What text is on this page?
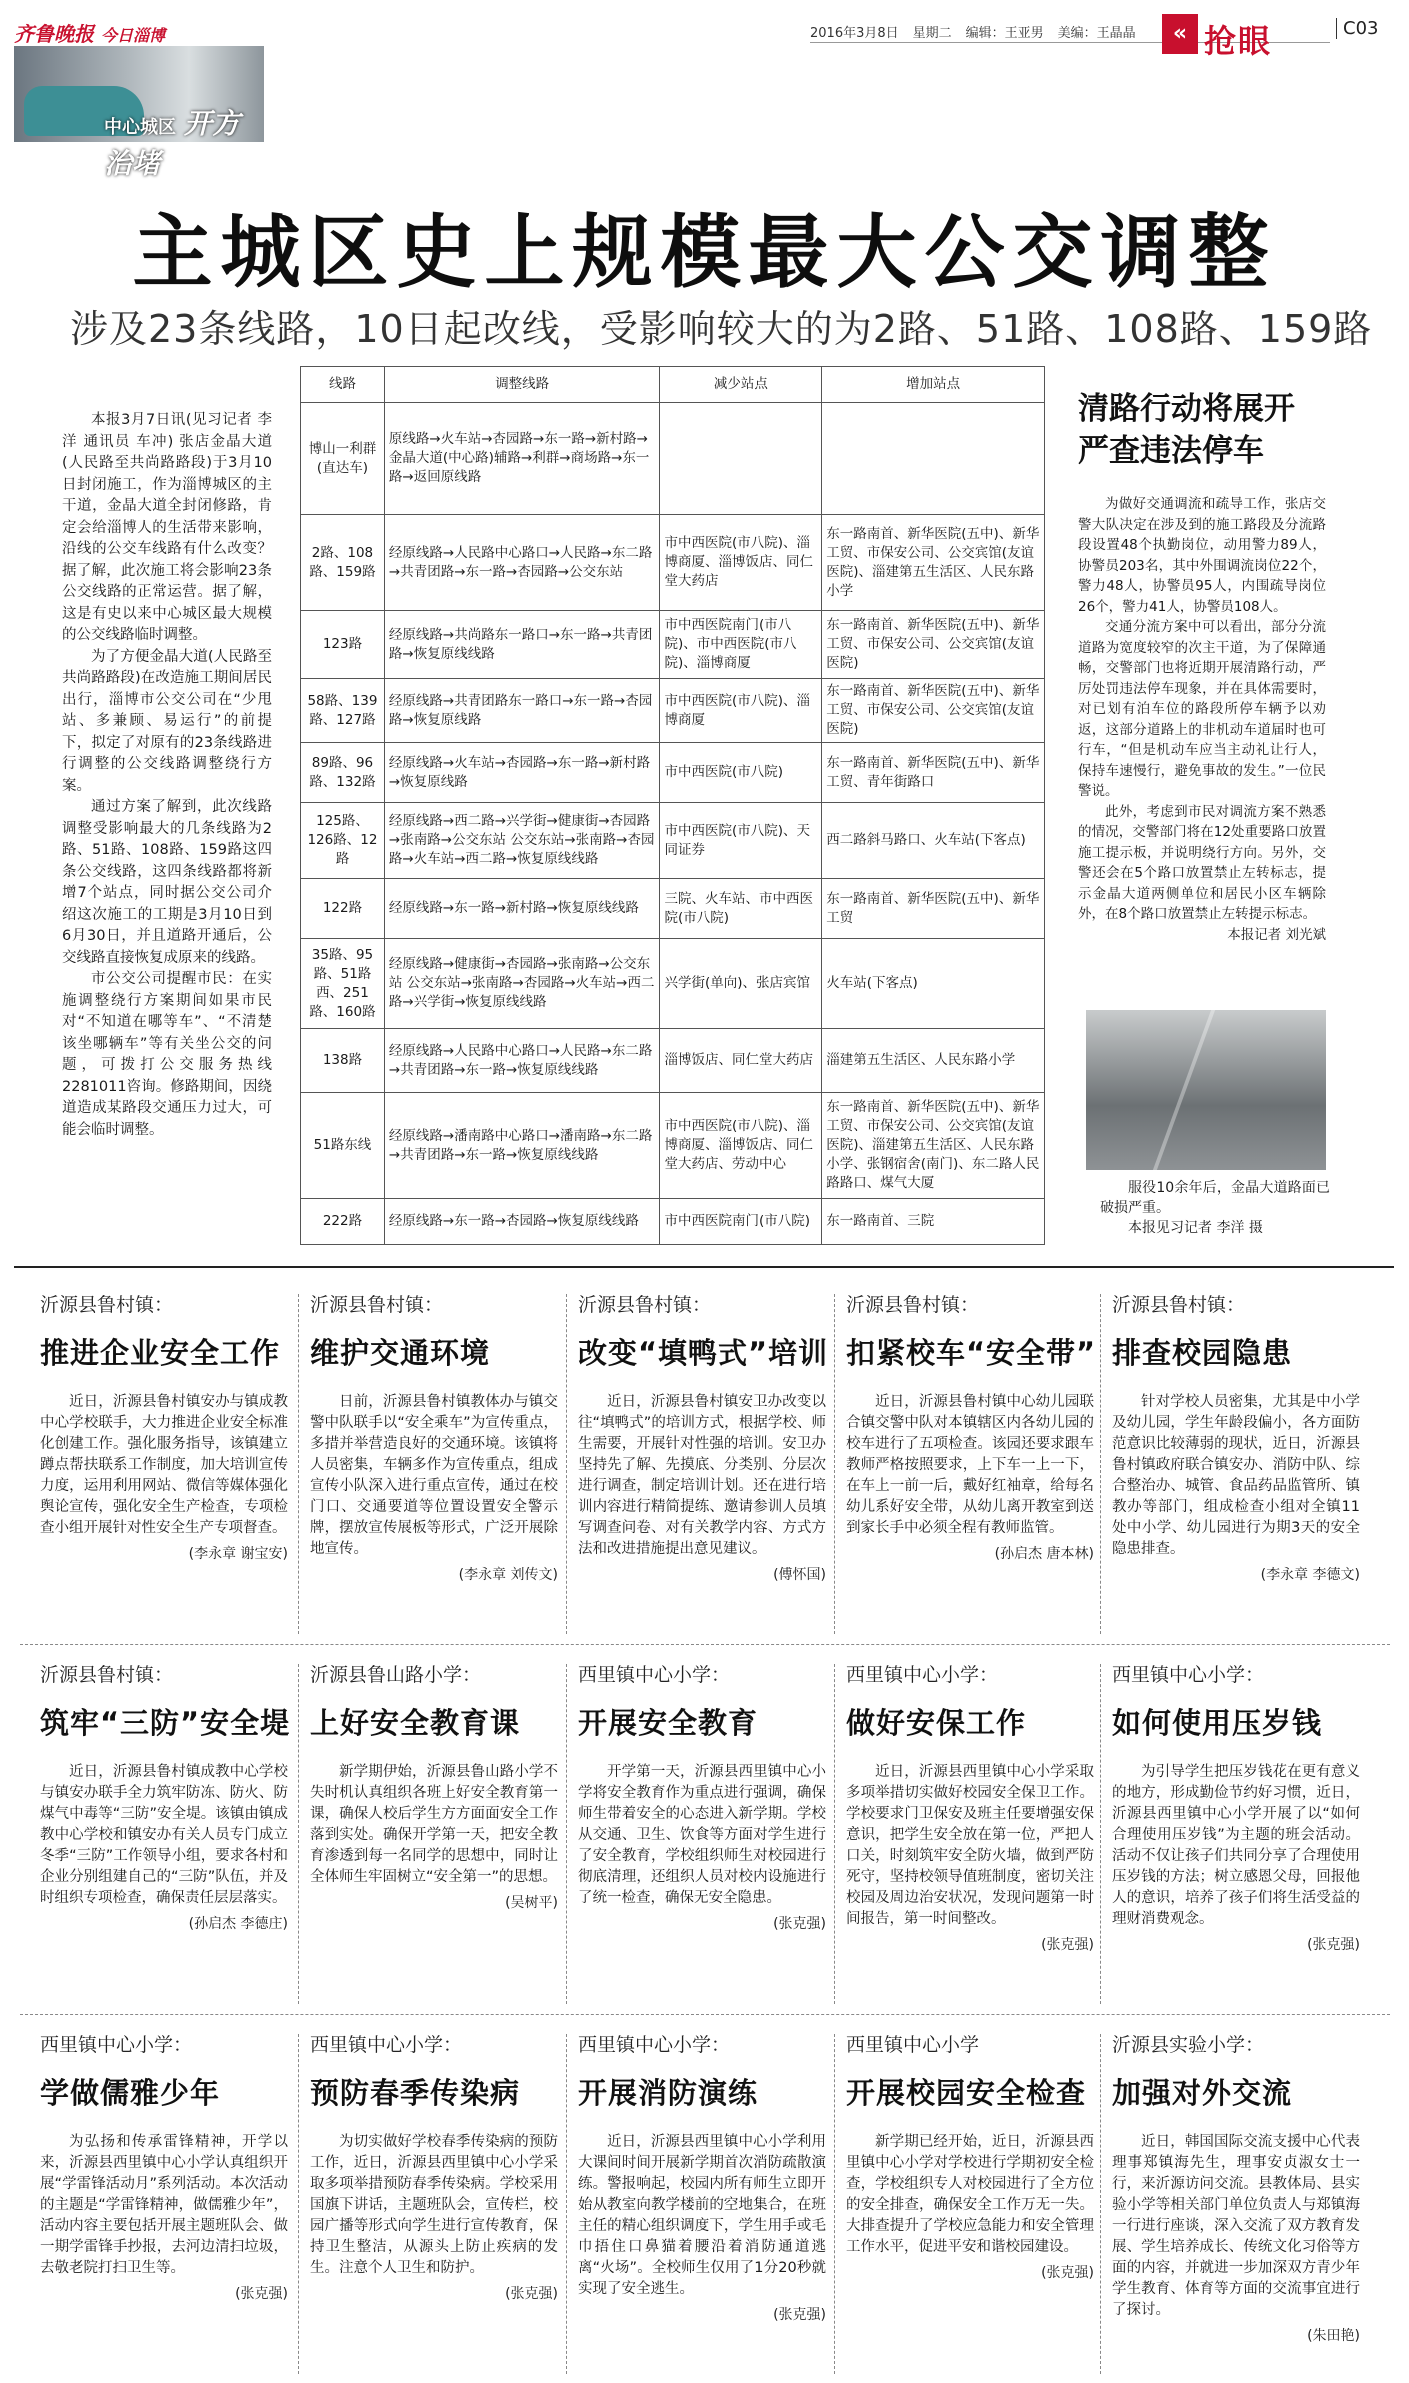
齐鲁晚报 今日淄博
中心城区 开方治堵
2016年3月8日 星期二 编辑：王亚男 美编：王晶晶	« 抢眼	C03
主城区史上规模最大公交调整
涉及23条线路，10日起改线，受影响较大的为2路、51路、108路、159路

本报3月7日讯(见习记者 李洋 通讯员 车冲) 张店金晶大道(人民路至共尚路路段)于3月10日封闭施工，作为淄博城区的主干道，金晶大道全封闭修路，肯定会给淄博人的生活带来影响，沿线的公交车线路有什么改变？据了解，此次施工将会影响23条公交线路的正常运营。据了解，这是有史以来中心城区最大规模的公交线路临时调整。

为了方便金晶大道(人民路至共尚路路段)在改造施工期间居民出行，淄博市公交公司在“少甩站、多兼顾、易运行”的前提下，拟定了对原有的23条线路进行调整的公交线路调整绕行方案。

通过方案了解到，此次线路调整受影响最大的几条线路为2路、51路、108路、159路这四条公交线路，这四条线路都将新增7个站点，同时据公交公司介绍这次施工的工期是3月10日到6月30日，并且道路开通后，公交线路直接恢复成原来的线路。

市公交公司提醒市民：在实施调整绕行方案期间如果市民对“不知道在哪等车”、“不清楚该坐哪辆车”等有关坐公交的问题，可拨打公交服务热线2281011咨询。修路期间，因绕道造成某路段交通压力过大，可能会临时调整。

线路	调整线路	减少站点	增加站点
博山一利群(直达车)	原线路→火车站→杏园路→东一路→新村路→金晶大道(中心路)辅路→利群→商场路→东一路→返回原线路		
2路、108路、159路	经原线路→人民路中心路口→人民路→东二路→共青团路→东一路→杏园路→公交东站	市中西医院(市八院)、淄博商厦、淄博饭店、同仁堂大药店	东一路南首、新华医院(五中)、新华工贸、市保安公司、公交宾馆(友谊医院)、淄建第五生活区、人民东路小学
123路	经原线路→共尚路东一路口→东一路→共青团路→恢复原线线路	市中西医院南门(市八院)、市中西医院(市八院)、淄博商厦	东一路南首、新华医院(五中)、新华工贸、市保安公司、公交宾馆(友谊医院)
58路、139路、127路	经原线路→共青团路东一路口→东一路→杏园路→恢复原线路	市中西医院(市八院)、淄博商厦	东一路南首、新华医院(五中)、新华工贸、市保安公司、公交宾馆(友谊医院)
89路、96路、132路	经原线路→火车站→杏园路→东一路→新村路→恢复原线路	市中西医院(市八院)	东一路南首、新华医院(五中)、新华工贸、青年街路口
125路、126路、12路	经原线路→西二路→兴学街→健康街→杏园路→张南路→公交东站 公交东站→张南路→杏园路→火车站→西二路→恢复原线线路	市中西医院(市八院)、天同证券	西二路斜马路口、火车站(下客点)
122路	经原线路→东一路→新村路→恢复原线线路	三院、火车站、市中西医院(市八院)	东一路南首、新华医院(五中)、新华工贸
35路、95路、51路西、251路、160路	经原线路→健康街→杏园路→张南路→公交东站 公交东站→张南路→杏园路→火车站→西二路→兴学街→恢复原线线路	兴学街(单向)、张店宾馆	火车站(下客点)
138路	经原线路→人民路中心路口→人民路→东二路→共青团路→东一路→恢复原线线路	淄博饭店、同仁堂大药店	淄建第五生活区、人民东路小学
51路东线	经原线路→潘南路中心路口→潘南路→东二路→共青团路→东一路→恢复原线线路	市中西医院(市八院)、淄博商厦、淄博饭店、同仁堂大药店、劳动中心	东一路南首、新华医院(五中)、新华工贸、市保安公司、公交宾馆(友谊医院)、淄建第五生活区、人民东路小学、张钢宿舍(南门)、东二路人民路路口、煤气大厦
222路	经原线路→东一路→杏园路→恢复原线线路	市中西医院南门(市八院)	东一路南首、三院
清路行动将展开
严查违法停车

为做好交通调流和疏导工作，张店交警大队决定在涉及到的施工路段及分流路段设置48个执勤岗位，动用警力89人，协警员203名，其中外围调流岗位22个，警力48人，协警员95人，内围疏导岗位26个，警力41人，协警员108人。

交通分流方案中可以看出，部分分流道路为宽度较窄的次主干道，为了保障通畅，交警部门也将近期开展清路行动，严厉处罚违法停车现象，并在具体需要时，对已划有泊车位的路段所停车辆予以劝返，这部分道路上的非机动车道届时也可行车，“但是机动车应当主动礼让行人，保持车速慢行，避免事故的发生。”一位民警说。

此外，考虑到市民对调流方案不熟悉的情况，交警部门将在12处重要路口放置施工提示板，并说明绕行方向。另外，交警还会在5个路口放置禁止左转标志，提示金晶大道两侧单位和居民小区车辆除外，在8个路口放置禁止左转提示标志。

本报记者 刘光斌

服役10余年后，金晶大道路面已破损严重。
本报见习记者 李洋 摄
沂源县鲁村镇：
推进企业安全工作
近日，沂源县鲁村镇安办与镇成教中心学校联手，大力推进企业安全标准化创建工作。强化服务指导，该镇建立蹲点帮扶联系工作制度，加大培训宣传力度，运用利用网站、微信等媒体强化舆论宣传，强化安全生产检查，专项检查小组开展针对性安全生产专项督查。
(李永章 谢宝安)
沂源县鲁村镇：
维护交通环境
日前，沂源县鲁村镇教体办与镇交警中队联手以“安全乘车”为宣传重点，多措并举营造良好的交通环境。该镇将人员密集，车辆多作为宣传重点，组成宣传小队深入进行重点宣传，通过在校门口、交通要道等位置设置安全警示牌，摆放宣传展板等形式，广泛开展除地宣传。
(李永章 刘传文)
沂源县鲁村镇：
改变“填鸭式”培训
近日，沂源县鲁村镇安卫办改变以往“填鸭式”的培训方式，根据学校、师生需要，开展针对性强的培训。安卫办坚持先了解、先摸底、分类别、分层次进行调查，制定培训计划。还在进行培训内容进行精简提练、邀请参训人员填写调查问卷、对有关教学内容、方式方法和改进措施提出意见建议。
(傅怀国)
沂源县鲁村镇：
扣紧校车“安全带”
近日，沂源县鲁村镇中心幼儿园联合镇交警中队对本镇辖区内各幼儿园的校车进行了五项检查。该园还要求跟车教师严格按照要求，上下车一上一下，在车上一前一后，戴好红袖章，给每名幼儿系好安全带，从幼儿离开教室到送到家长手中必须全程有教师监管。
(孙启杰 唐本林)
沂源县鲁村镇：
排查校园隐患
针对学校人员密集，尤其是中小学及幼儿园，学生年龄段偏小，各方面防范意识比较薄弱的现状，近日，沂源县鲁村镇政府联合镇安办、消防中队、综合整治办、城管、食品药品监管所、镇教办等部门，组成检查小组对全镇11处中小学、幼儿园进行为期3天的安全隐患排查。
(李永章 李德文)
沂源县鲁村镇：
筑牢“三防”安全堤
近日，沂源县鲁村镇成教中心学校与镇安办联手全力筑牢防冻、防火、防煤气中毒等“三防”安全堤。该镇由镇成教中心学校和镇安办有关人员专门成立冬季“三防”工作领导小组，要求各村和企业分别组建自己的“三防”队伍，并及时组织专项检查，确保责任层层落实。
(孙启杰 李德庄)
沂源县鲁山路小学：
上好安全教育课
新学期伊始，沂源县鲁山路小学不失时机认真组织各班上好安全教育第一课，确保人校后学生方方面面安全工作落到实处。确保开学第一天，把安全教育渗透到每一名同学的思想中，同时让全体师生牢固树立“安全第一”的思想。
(吴树平)
西里镇中心小学：
开展安全教育
开学第一天，沂源县西里镇中心小学将安全教育作为重点进行强调，确保师生带着安全的心态进入新学期。学校从交通、卫生、饮食等方面对学生进行了安全教育，学校组织师生对校园进行彻底清理，还组织人员对校内设施进行了统一检查，确保无安全隐患。
(张克强)
西里镇中心小学：
做好安保工作
近日，沂源县西里镇中心小学采取多项举措切实做好校园安全保卫工作。学校要求门卫保安及班主任要增强安保意识，把学生安全放在第一位，严把人口关，时刻筑牢安全防火墙，做到严防死守，坚持校领导值班制度，密切关注校园及周边治安状况，发现问题第一时间报告，第一时间整改。
(张克强)
西里镇中心小学：
如何使用压岁钱
为引导学生把压岁钱花在更有意义的地方，形成勤俭节约好习惯，近日，沂源县西里镇中心小学开展了以“如何合理使用压岁钱”为主题的班会活动。活动不仅让孩子们共同分享了合理使用压岁钱的方法；树立感恩父母，回报他人的意识，培养了孩子们将生活受益的理财消费观念。
(张克强)
西里镇中心小学：
学做儒雅少年
为弘扬和传承雷锋精神，开学以来，沂源县西里镇中心小学认真组织开展“学雷锋活动月”系列活动。本次活动的主题是“学雷锋精神，做儒雅少年”，活动内容主要包括开展主题班队会、做一期学雷锋手抄报，去河边清扫垃圾，去敬老院打扫卫生等。
(张克强)
西里镇中心小学：
预防春季传染病
为切实做好学校春季传染病的预防工作，近日，沂源县西里镇中心小学采取多项举措预防春季传染病。学校采用国旗下讲话，主题班队会，宣传栏，校园广播等形式向学生进行宣传教育，保持卫生整洁，从源头上防止疾病的发生。注意个人卫生和防护。
(张克强)
西里镇中心小学：
开展消防演练
近日，沂源县西里镇中心小学利用大课间时间开展新学期首次消防疏散演练。警报响起，校园内所有师生立即开始从教室向教学楼前的空地集合，在班主任的精心组织调度下，学生用手或毛巾捂住口鼻猫着腰沿着消防通道逃离“火场”。全校师生仅用了1分20秒就实现了安全逃生。
(张克强)
西里镇中心小学
开展校园安全检查
新学期已经开始，近日，沂源县西里镇中心小学对学校进行学期初安全检查，学校组织专人对校园进行了全方位的安全排查，确保安全工作万无一失。大排查提升了学校应急能力和安全管理工作水平，促进平安和谐校园建设。
(张克强)
沂源县实验小学：
加强对外交流
近日，韩国国际交流支援中心代表理事郑镇海先生，理事安贞淑女士一行，来沂源访问交流。县教体局、县实验小学等相关部门单位负责人与郑镇海一行进行座谈，深入交流了双方教育发展、学生培养成长、传统文化习俗等方面的内容，并就进一步加深双方青少年学生教育、体育等方面的交流事宜进行了探讨。
(朱田艳)
